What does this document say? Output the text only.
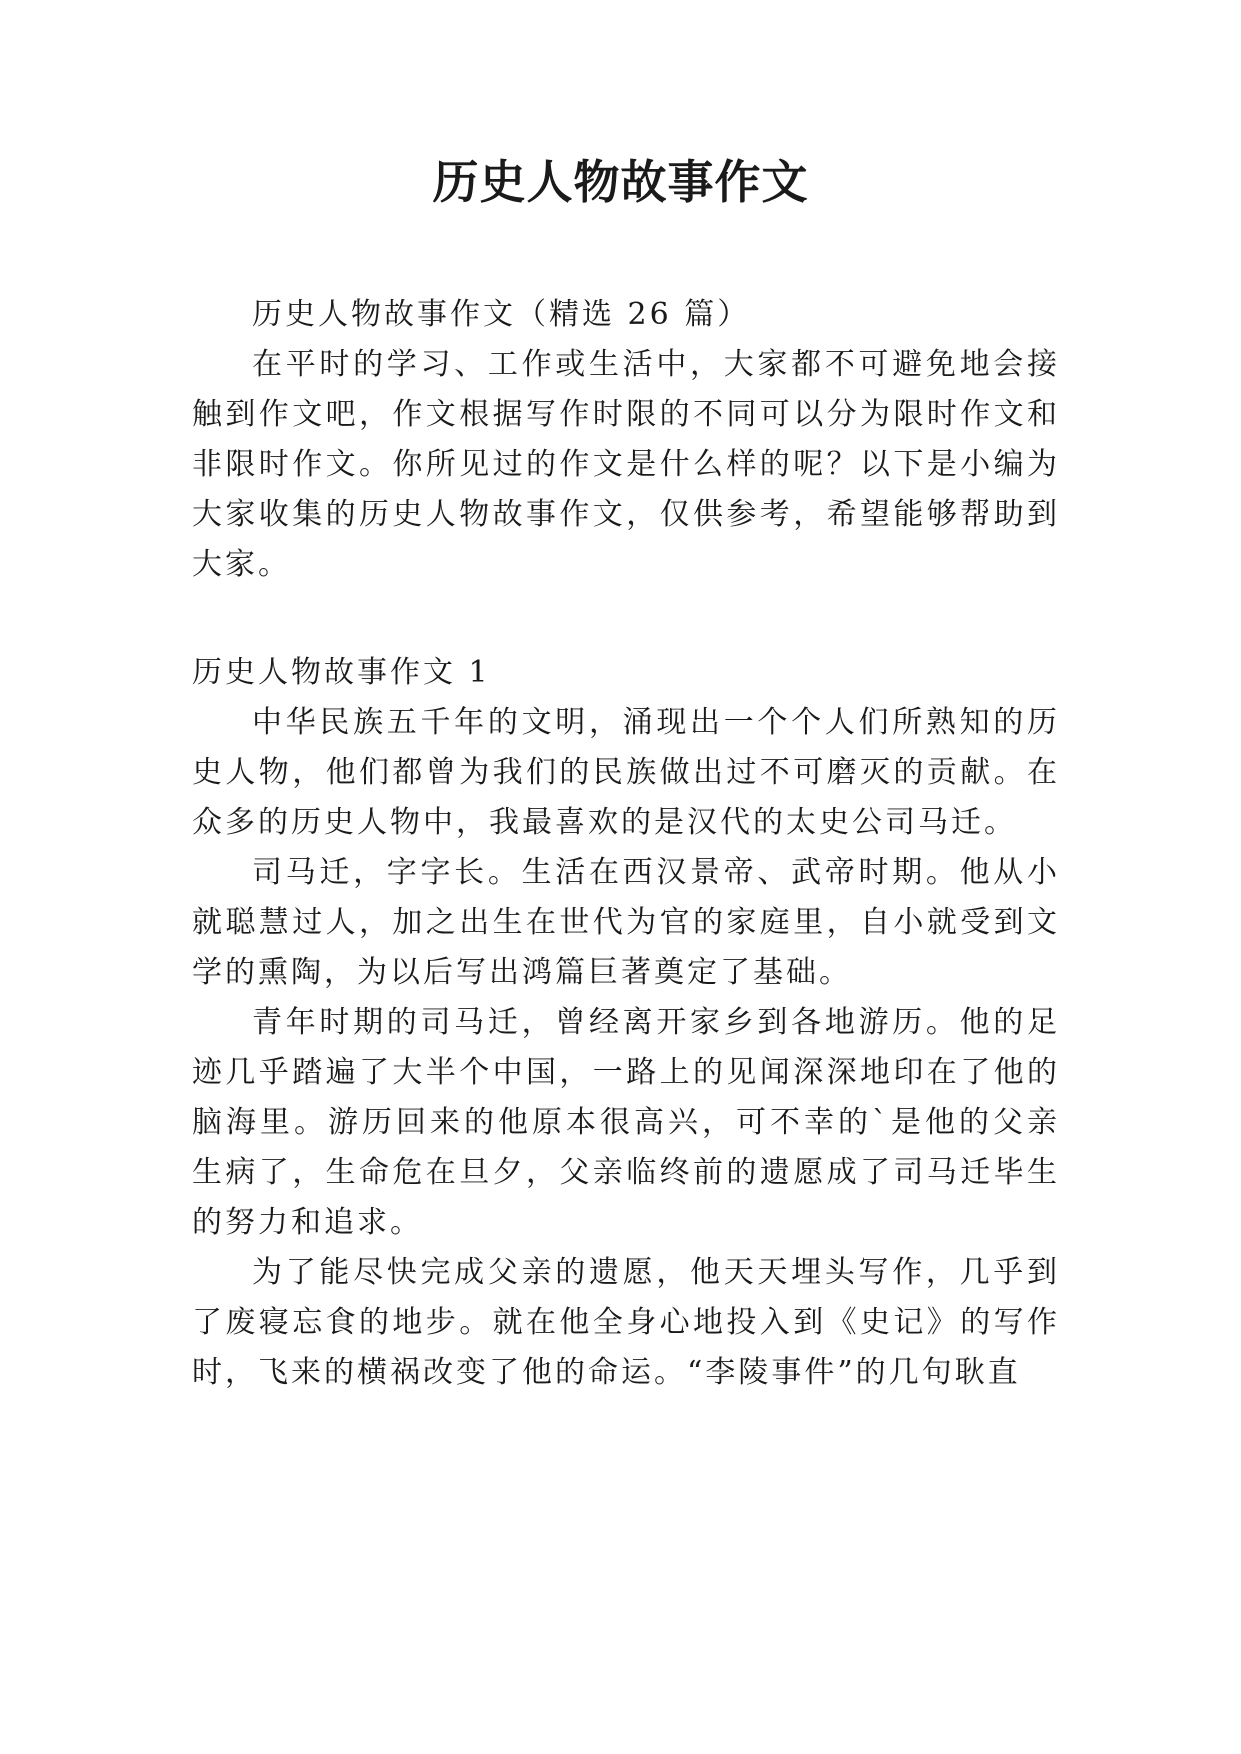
历史人物故事作文

历史人物故事作文（精选 26 篇）

在平时的学习、工作或生活中，大家都不可避免地会接触到作文吧，作文根据写作时限的不同可以分为限时作文和非限时作文。你所见过的作文是什么样的呢？以下是小编为大家收集的历史人物故事作文，仅供参考，希望能够帮助到大家。

历史人物故事作文 1

中华民族五千年的文明，涌现出一个个人们所熟知的历史人物，他们都曾为我们的民族做出过不可磨灭的贡献。在众多的历史人物中，我最喜欢的是汉代的太史公司马迁。

司马迁，字字长。生活在西汉景帝、武帝时期。他从小就聪慧过人，加之出生在世代为官的家庭里，自小就受到文学的熏陶，为以后写出鸿篇巨著奠定了基础。

青年时期的司马迁，曾经离开家乡到各地游历。他的足迹几乎踏遍了大半个中国，一路上的见闻深深地印在了他的脑海里。游历回来的他原本很高兴，可不幸的`是他的父亲生病了，生命危在旦夕，父亲临终前的遗愿成了司马迁毕生的努力和追求。

为了能尽快完成父亲的遗愿，他天天埋头写作，几乎到了废寝忘食的地步。就在他全身心地投入到《史记》的写作时，飞来的横祸改变了他的命运。“李陵事件”的几句耿直
